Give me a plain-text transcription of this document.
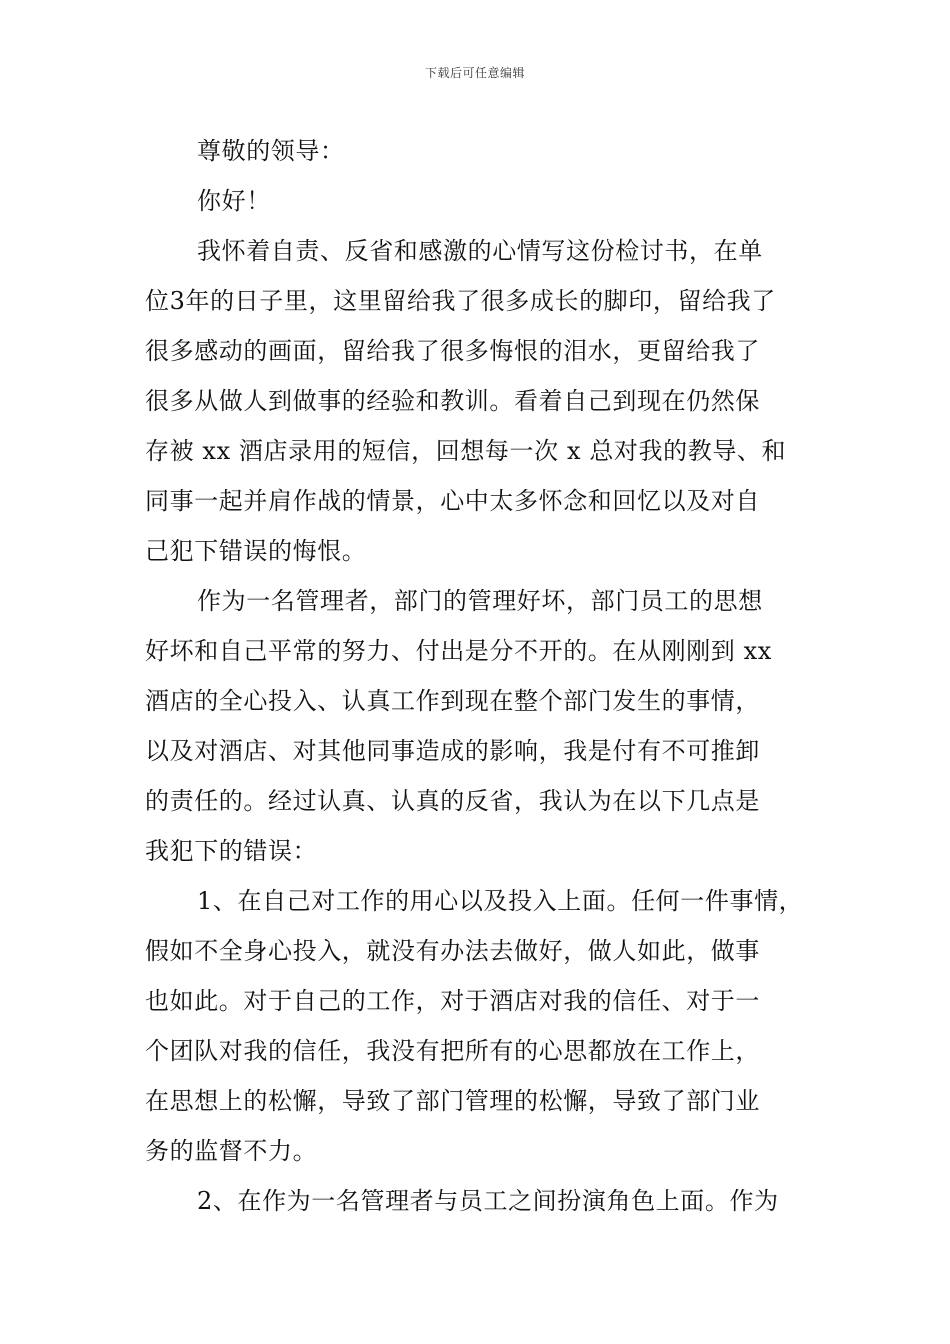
下载后可任意编辑
尊敬的领导：
你好！
我怀着自责、反省和感激的心情写这份检讨书，在单
位3年的日子里，这里留给我了很多成长的脚印，留给我了
很多感动的画面，留给我了很多悔恨的泪水，更留给我了
很多从做人到做事的经验和教训。看着自己到现在仍然保
存被 xx 酒店录用的短信，回想每一次 x 总对我的教导、和
同事一起并肩作战的情景，心中太多怀念和回忆以及对自
己犯下错误的悔恨。
作为一名管理者，部门的管理好坏，部门员工的思想
好坏和自己平常的努力、付出是分不开的。在从刚刚到 xx
酒店的全心投入、认真工作到现在整个部门发生的事情，
以及对酒店、对其他同事造成的影响，我是付有不可推卸
的责任的。经过认真、认真的反省，我认为在以下几点是
我犯下的错误：
1、在自己对工作的用心以及投入上面。任何一件事情，
假如不全身心投入，就没有办法去做好，做人如此，做事
也如此。对于自己的工作，对于酒店对我的信任、对于一
个团队对我的信任，我没有把所有的心思都放在工作上，
在思想上的松懈，导致了部门管理的松懈，导致了部门业
务的监督不力。
2、在作为一名管理者与员工之间扮演角色上面。作为
